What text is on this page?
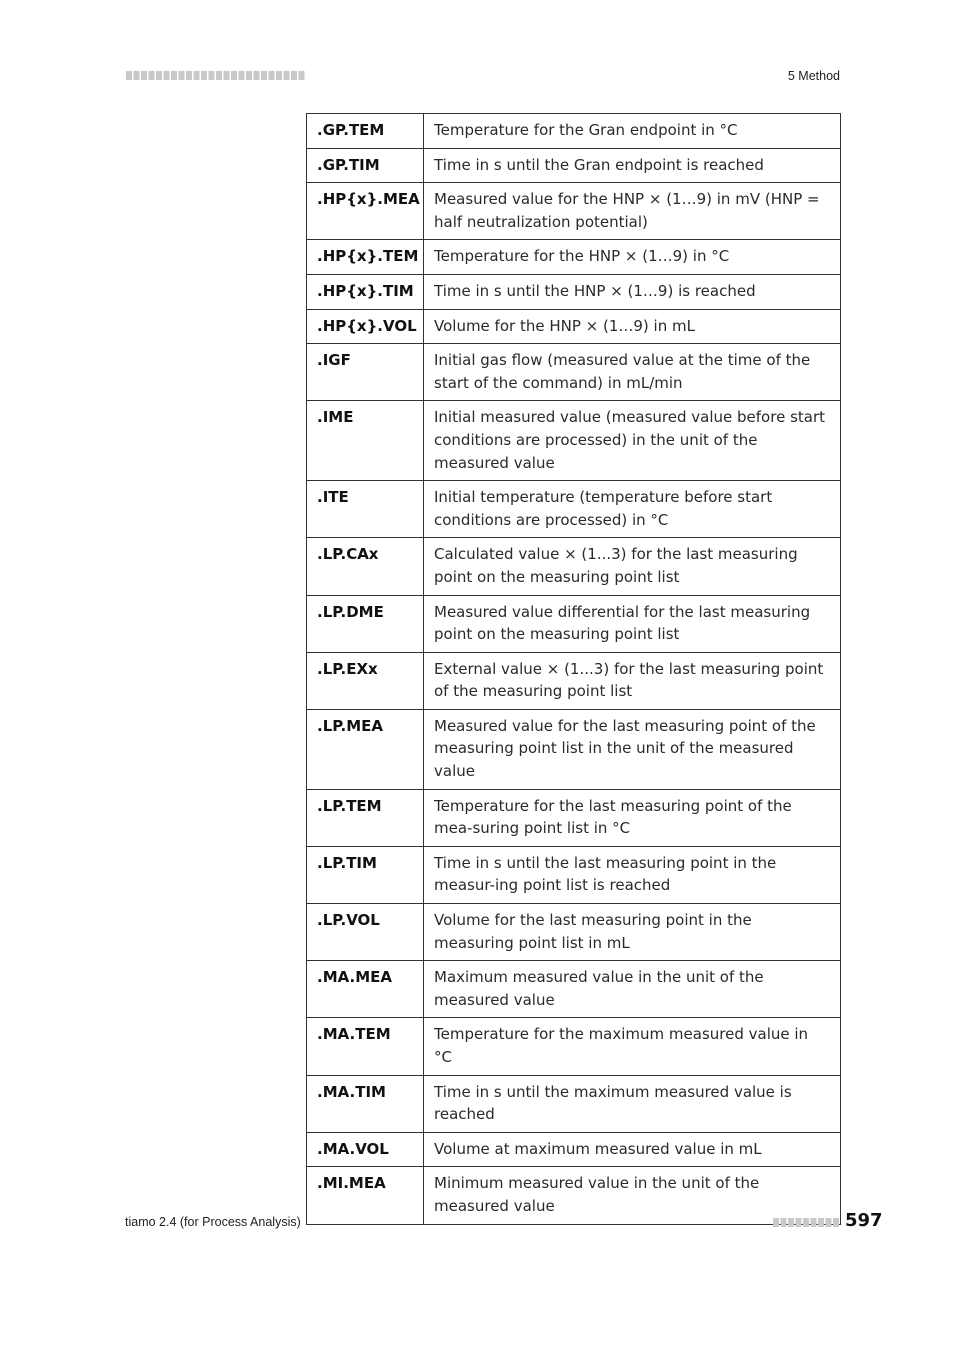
5 Method
.GP.TEM	Temperature for the Gran endpoint in °C
.GP.TIM	Time in s until the Gran endpoint is reached
.HP{x}.MEA	Measured value for the HNP × (1…9) in mV (HNP = half neutralization potential)
.HP{x}.TEM	Temperature for the HNP × (1…9) in °C
.HP{x}.TIM	Time in s until the HNP × (1…9) is reached
.HP{x}.VOL	Volume for the HNP × (1…9) in mL
.IGF	Initial gas flow (measured value at the time of the start of the command) in mL/min
.IME	Initial measured value (measured value before start conditions are processed) in the unit of the measured value
.ITE	Initial temperature (temperature before start conditions are processed) in °C
.LP.CAx	Calculated value × (1...3) for the last measuring point on the measuring point list
.LP.DME	Measured value differential for the last measuring point on the measuring point list
.LP.EXx	External value × (1...3) for the last measuring point of the measuring point list
.LP.MEA	Measured value for the last measuring point of the measuring point list in the unit of the measured value
.LP.TEM	Temperature for the last measuring point of the mea-suring point list in °C
.LP.TIM	Time in s until the last measuring point in the measur-ing point list is reached
.LP.VOL	Volume for the last measuring point in the measuring point list in mL
.MA.MEA	Maximum measured value in the unit of the measured value
.MA.TEM	Temperature for the maximum measured value in °C
.MA.TIM	Time in s until the maximum measured value is reached
.MA.VOL	Volume at maximum measured value in mL
.MI.MEA	Minimum measured value in the unit of the measured value
tiamo 2.4 (for Process Analysis)	597
